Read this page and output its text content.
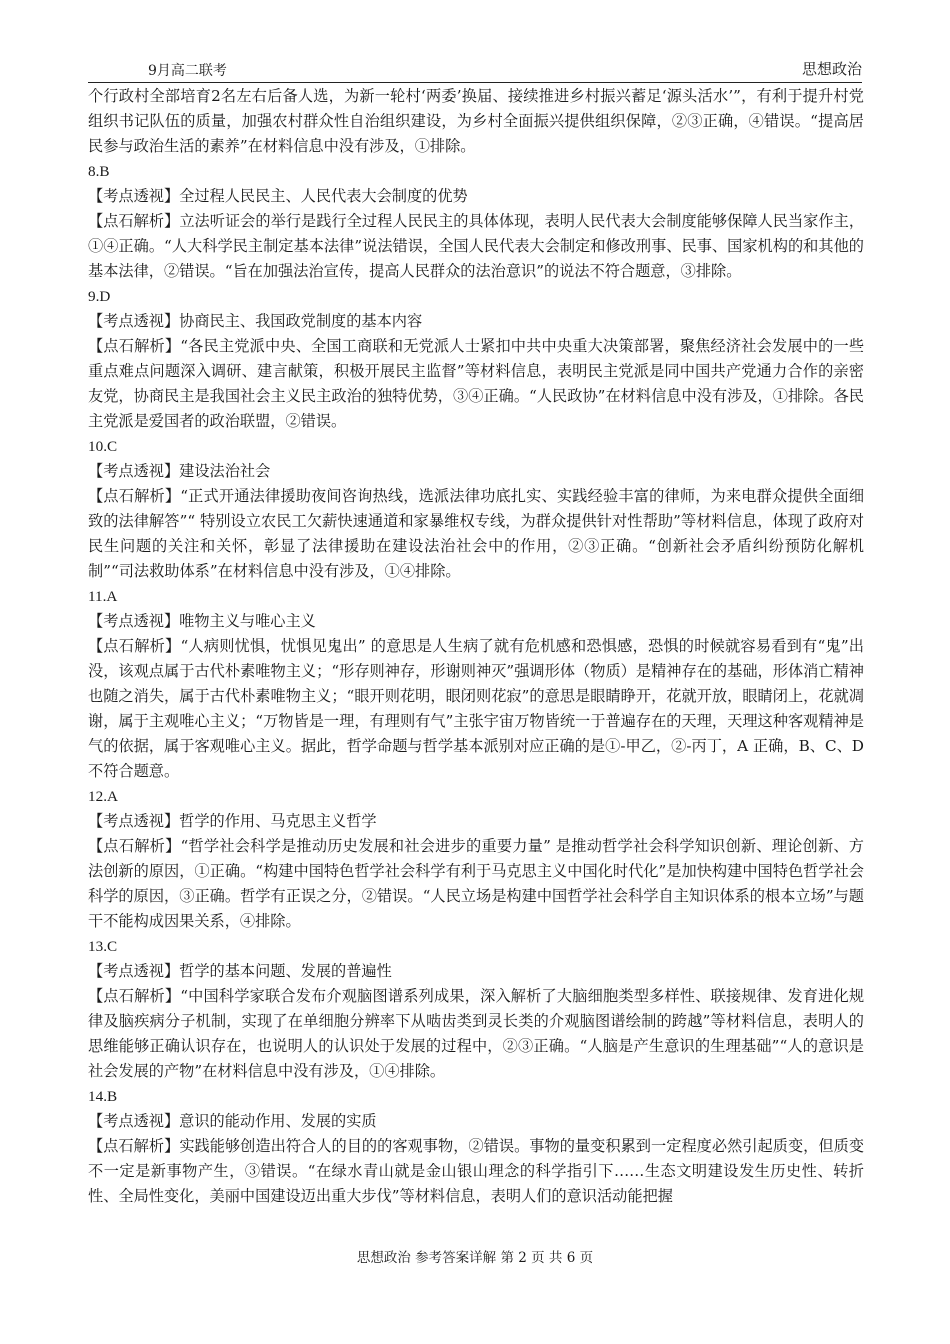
9月高二联考	思想政治

个行政村全部培育2名左右后备人选，为新一轮村‘两委’换届、接续推进乡村振兴蓄足‘源头活水’”，有利于提升村党组织书记队伍的质量，加强农村群众性自治组织建设，为乡村全面振兴提供组织保障，②③正确，④错误。“提高居民参与政治生活的素养”在材料信息中没有涉及，①排除。

8.B

【考点透视】全过程人民民主、人民代表大会制度的优势

【点石解析】立法听证会的举行是践行全过程人民民主的具体体现，表明人民代表大会制度能够保障人民当家作主，①④正确。“人大科学民主制定基本法律”说法错误，全国人民代表大会制定和修改刑事、民事、国家机构的和其他的基本法律，②错误。“旨在加强法治宣传，提高人民群众的法治意识”的说法不符合题意，③排除。

9.D

【考点透视】协商民主、我国政党制度的基本内容

【点石解析】“各民主党派中央、全国工商联和无党派人士紧扣中共中央重大决策部署，聚焦经济社会发展中的一些重点难点问题深入调研、建言献策，积极开展民主监督”等材料信息，表明民主党派是同中国共产党通力合作的亲密友党，协商民主是我国社会主义民主政治的独特优势，③④正确。“人民政协”在材料信息中没有涉及，①排除。各民主党派是爱国者的政治联盟，②错误。

10.C

【考点透视】建设法治社会

【点石解析】“正式开通法律援助夜间咨询热线，选派法律功底扎实、实践经验丰富的律师，为来电群众提供全面细致的法律解答”“ 特别设立农民工欠薪快速通道和家暴维权专线，为群众提供针对性帮助”等材料信息，体现了政府对民生问题的关注和关怀，彰显了法律援助在建设法治社会中的作用，②③正确。“创新社会矛盾纠纷预防化解机制”“司法救助体系”在材料信息中没有涉及，①④排除。

11.A

【考点透视】唯物主义与唯心主义

【点石解析】“人病则忧惧，忧惧见鬼出” 的意思是人生病了就有危机感和恐惧感，恐惧的时候就容易看到有“鬼”出没，该观点属于古代朴素唯物主义；“形存则神存，形谢则神灭”强调形体（物质）是精神存在的基础，形体消亡精神也随之消失，属于古代朴素唯物主义；“眼开则花明，眼闭则花寂”的意思是眼睛睁开，花就开放，眼睛闭上，花就凋谢，属于主观唯心主义；“万物皆是一理，有理则有气”主张宇宙万物皆统一于普遍存在的天理，天理这种客观精神是气的依据，属于客观唯心主义。据此，哲学命题与哲学基本派别对应正确的是①-甲乙，②-丙丁，A 正确，B、C、D 不符合题意。

12.A

【考点透视】哲学的作用、马克思主义哲学

【点石解析】“哲学社会科学是推动历史发展和社会进步的重要力量” 是推动哲学社会科学知识创新、理论创新、方法创新的原因，①正确。“构建中国特色哲学社会科学有利于马克思主义中国化时代化”是加快构建中国特色哲学社会科学的原因，③正确。哲学有正误之分，②错误。“人民立场是构建中国哲学社会科学自主知识体系的根本立场”与题干不能构成因果关系，④排除。

13.C

【考点透视】哲学的基本问题、发展的普遍性

【点石解析】“中国科学家联合发布介观脑图谱系列成果，深入解析了大脑细胞类型多样性、联接规律、发育进化规律及脑疾病分子机制，实现了在单细胞分辨率下从啮齿类到灵长类的介观脑图谱绘制的跨越”等材料信息，表明人的思维能够正确认识存在，也说明人的认识处于发展的过程中，②③正确。“人脑是产生意识的生理基础”“人的意识是社会发展的产物”在材料信息中没有涉及，①④排除。

14.B

【考点透视】意识的能动作用、发展的实质

【点石解析】实践能够创造出符合人的目的的客观事物，②错误。事物的量变积累到一定程度必然引起质变，但质变不一定是新事物产生，③错误。“在绿水青山就是金山银山理念的科学指引下……生态文明建设发生历史性、转折性、全局性变化，美丽中国建设迈出重大步伐”等材料信息，表明人们的意识活动能把握

思想政治 参考答案详解 第 2 页 共 6 页
